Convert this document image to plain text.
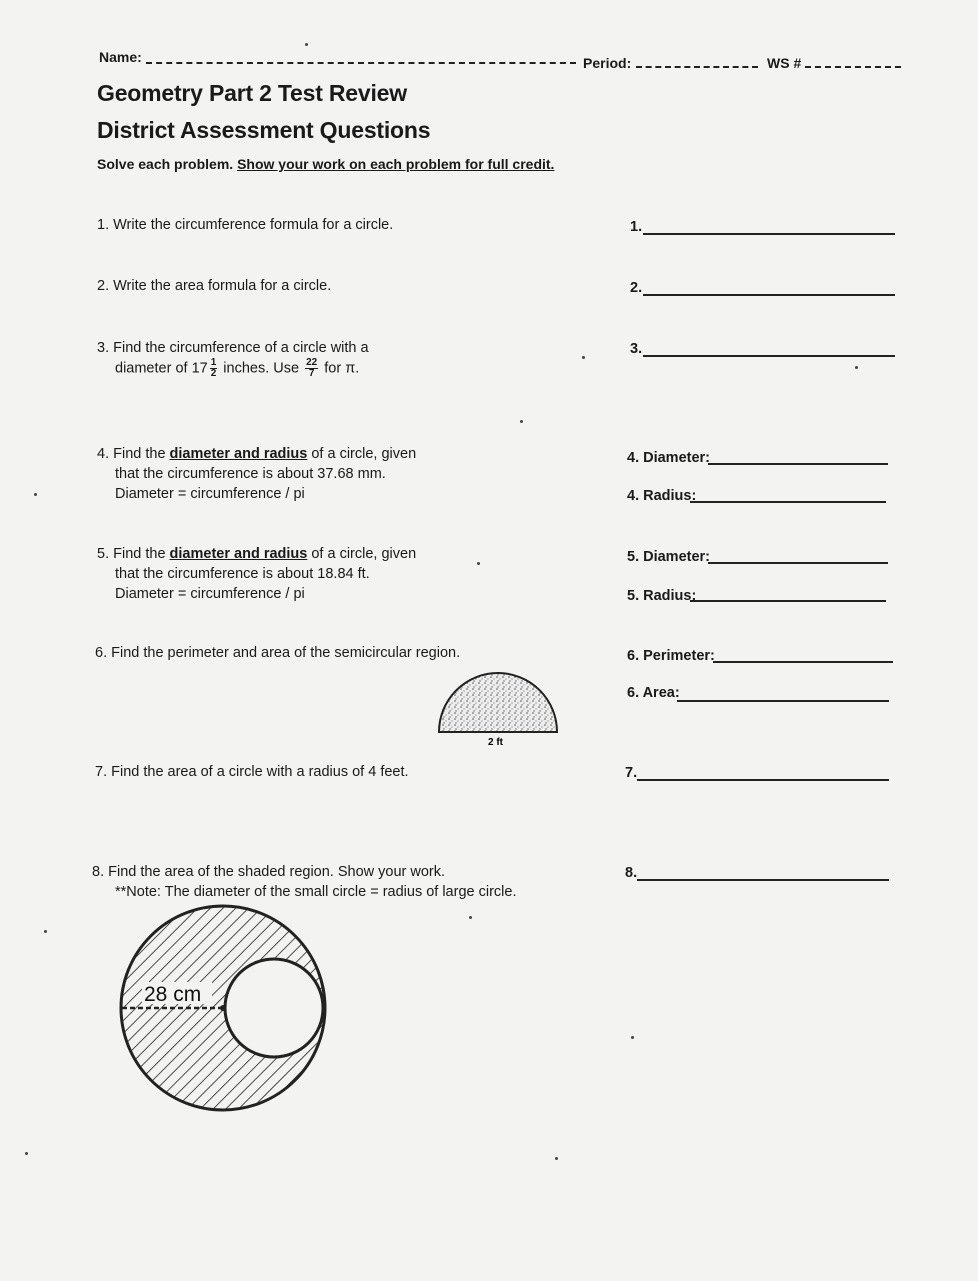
Name:	Period:	WS #
Geometry Part 2 Test Review
District Assessment Questions
Solve each problem. Show your work on each problem for full credit.
1. Write the circumference formula for a circle.	1.
2. Write the area formula for a circle.	2.
3. Find the circumference of a circle with a
diameter of $17 \frac{1}{2}$ inches. Use $\frac{22}{7}$ for π.
3.
4. Find the diameter and radius of a circle, given
that the circumference is about 37.68 mm.
Diameter = circumference / pi
4. Diameter:
4. Radius:
5. Find the diameter and radius of a circle, given
that the circumference is about 18.84 ft.
Diameter = circumference / pi
5. Diameter:
5. Radius:
6. Find the perimeter and area of the semicircular region.	6. Perimeter:
6. Area:
2 ft
7. Find the area of a circle with a radius of 4 feet.	7.
8. Find the area of the shaded region. Show your work.
**Note: The diameter of the small circle = radius of large circle.
8.
28 cm
